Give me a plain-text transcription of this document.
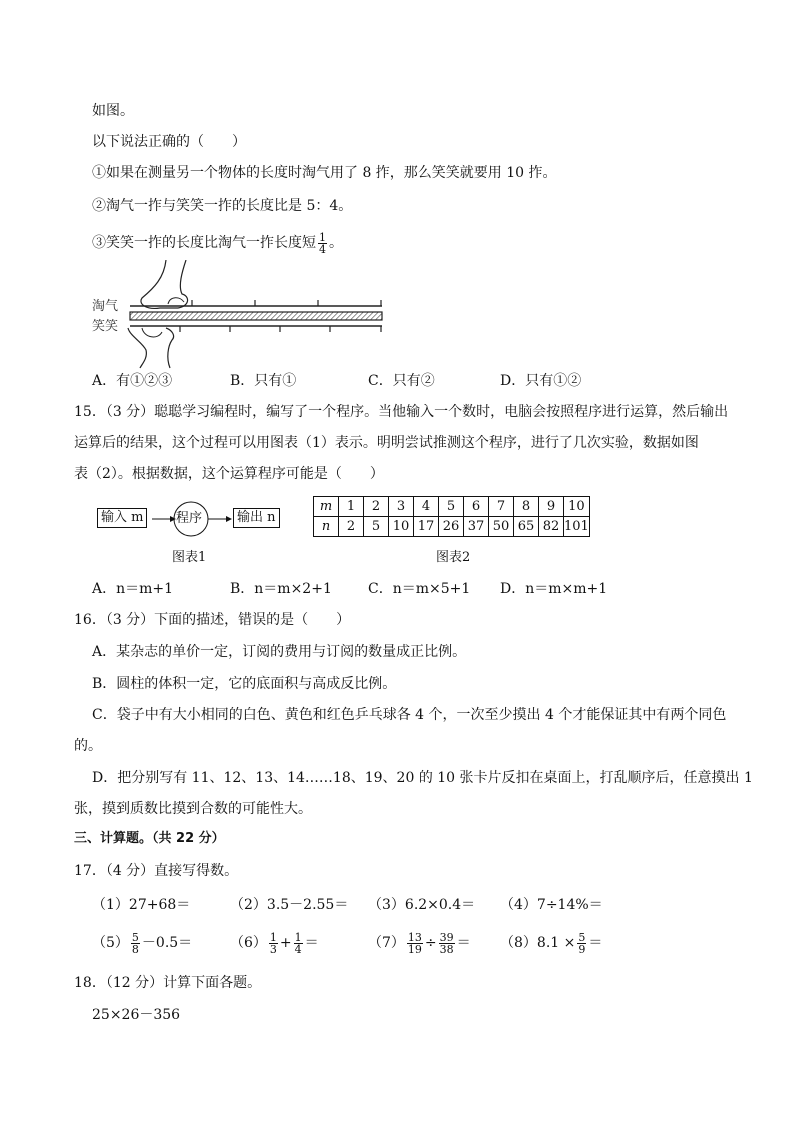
如图。
以下说法正确的（　　）
①如果在测量另一个物体的长度时淘气用了 8 拃，那么笑笑就要用 10 拃。
②淘气一拃与笑笑一拃的长度比是 5：4。
③笑笑一拃的长度比淘气一拃长度短 $\frac{1}{4}$ 。
淘气
笑笑
A．有①②③	B．只有①	C．只有②	D．只有①②
15．（3 分）聪聪学习编程时，编写了一个程序。当他输入一个数时，电脑会按照程序进行运算，然后输出
运算后的结果，这个过程可以用图表（1）表示。明明尝试推测这个程序，进行了几次实验，数据如图
表（2）。根据数据，这个运算程序可能是（　　）
输入 m	程序	输出 n
图表1
m	1	2	3	4	5	6	7	8	9	10
n	2	5	10	17	26	37	50	65	82	101
图表2
A．n＝m+1	B．n＝m×2+1	C．n＝m×5+1 D．n＝m×m+1
16．（3 分）下面的描述，错误的是（　　）
A．某杂志的单价一定，订阅的费用与订阅的数量成正比例。
B．圆柱的体积一定，它的底面积与高成反比例。
C．袋子中有大小相同的白色、黄色和红色乒乓球各 4 个，一次至少摸出 4 个才能保证其中有两个同色
的。
D．把分别写有 11、12、13、14……18、19、20 的 10 张卡片反扣在桌面上，打乱顺序后，任意摸出 1
张，摸到质数比摸到合数的可能性大。
三、计算题。（共 22 分）
17．（4 分）直接写得数。
（1）27+68＝	（2）3.5－2.55＝ （3）6.2×0.4＝ （4）7÷14%＝
$(5) \frac{5}{8} -0.5=$	$(6) \frac{1}{3} + \frac{1}{4}$ ＝	$(7) \frac{13}{19} \div \frac{39}{38} = (8)8.1 \times \frac{5}{9}$ ＝
18．（12 分）计算下面各题。
25×26－356
